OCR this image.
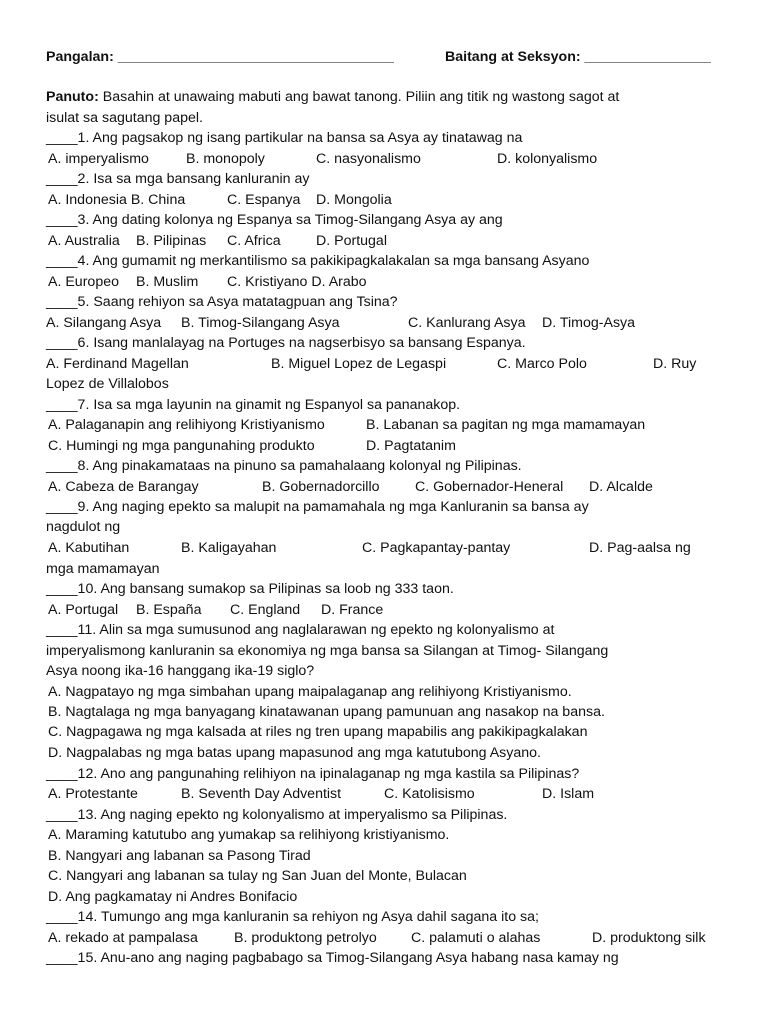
Pangalan: ___________________________________	Baitang at Seksyon: ________________
Panuto: Basahin at unawaing mabuti ang bawat tanong. Piliin ang titik ng wastong sagot at
isulat sa sagutang papel.
____1. Ang pagsakop ng isang partikular na bansa sa Asya ay tinatawag na
A. imperyalismo	B. monopoly	C. nasyonalismo	D. kolonyalismo
____2. Isa sa mga bansang kanluranin ay
A. Indonesia B. China	C. Espanya D. Mongolia
____3. Ang dating kolonya ng Espanya sa Timog-Silangang Asya ay ang
A. Australia B. Pilipinas C. Africa D. Portugal
____4. Ang gumamit ng merkantilismo sa pakikipagkalakalan sa mga bansang Asyano
A. Europeo B. Muslim C. Kristiyano D. Arabo
____5. Saang rehiyon sa Asya matatagpuan ang Tsina?
A. Silangang Asya B. Timog-Silangang Asya	C. Kanlurang Asya D. Timog-Asya
____6. Isang manlalayag na Portuges na nagserbisyo sa bansang Espanya.
A. Ferdinand Magellan	B. Miguel Lopez de Legaspi	C. Marco Polo	D. Ruy
Lopez de Villalobos
____7. Isa sa mga layunin na ginamit ng Espanyol sa pananakop.
A. Palaganapin ang relihiyong Kristiyanismo	B. Labanan sa pagitan ng mga mamamayan
C. Humingi ng mga pangunahing produkto	D. Pagtatanim
____8. Ang pinakamataas na pinuno sa pamahalaang kolonyal ng Pilipinas.
A. Cabeza de Barangay	B. Gobernadorcillo C. Gobernador-Heneral D. Alcalde
____9. Ang naging epekto sa malupit na pamamahala ng mga Kanluranin sa bansa ay
nagdulot ng
A. Kabutihan	B. Kaligayahan	C. Pagkapantay-pantay	D. Pag-aalsa ng
mga mamamayan
____10. Ang bansang sumakop sa Pilipinas sa loob ng 333 taon.
A. Portugal B. España C. England D. France
____11. Alin sa mga sumusunod ang naglalarawan ng epekto ng kolonyalismo at
imperyalismong kanluranin sa ekonomiya ng mga bansa sa Silangan at Timog- Silangang
Asya noong ika-16 hanggang ika-19 siglo?
A. Nagpatayo ng mga simbahan upang maipalaganap ang relihiyong Kristiyanismo.
B. Nagtalaga ng mga banyagang kinatawanan upang pamunuan ang nasakop na bansa.
C. Nagpagawa ng mga kalsada at riles ng tren upang mapabilis ang pakikipagkalakan
D. Nagpalabas ng mga batas upang mapasunod ang mga katutubong Asyano.
____12. Ano ang pangunahing relihiyon na ipinalaganap ng mga kastila sa Pilipinas?
A. Protestante	B. Seventh Day Adventist	C. Katolisismo	D. Islam
____13. Ang naging epekto ng kolonyalismo at imperyalismo sa Pilipinas.
A. Maraming katutubo ang yumakap sa relihiyong kristiyanismo.
B. Nangyari ang labanan sa Pasong Tirad
C. Nangyari ang labanan sa tulay ng San Juan del Monte, Bulacan
D. Ang pagkamatay ni Andres Bonifacio
____14. Tumungo ang mga kanluranin sa rehiyon ng Asya dahil sagana ito sa;
A. rekado at pampalasa	B. produktong petrolyo C. palamuti o alahas	D. produktong silk
____15. Anu-ano ang naging pagbabago sa Timog-Silangang Asya habang nasa kamay ng
